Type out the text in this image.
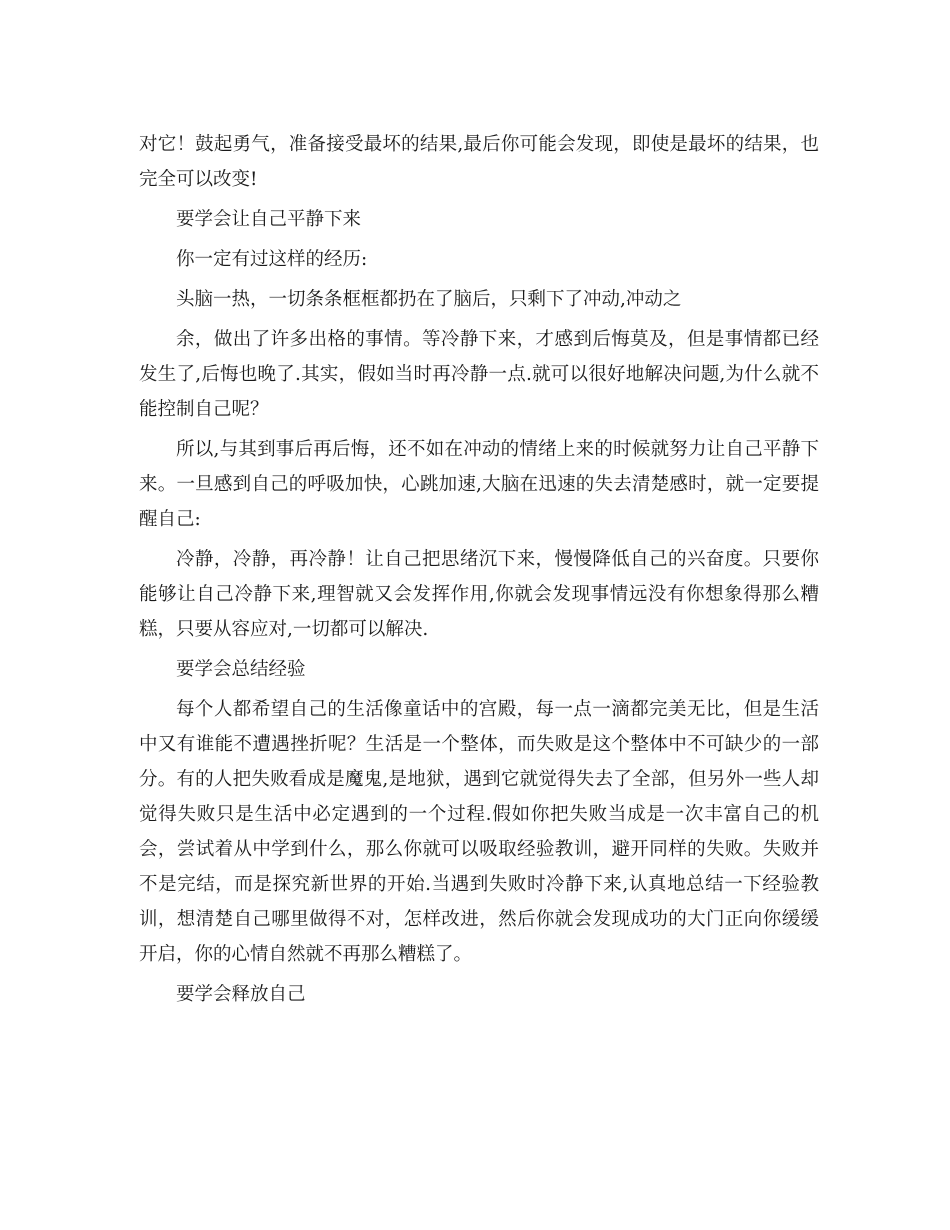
对它！鼓起勇气，准备接受最坏的结果,最后你可能会发现，即使是最坏的结果，也完全可以改变!

要学会让自己平静下来

你一定有过这样的经历:

头脑一热，一切条条框框都扔在了脑后，只剩下了冲动,冲动之

余，做出了许多出格的事情。等冷静下来，才感到后悔莫及，但是事情都已经发生了,后悔也晚了.其实，假如当时再冷静一点.就可以很好地解决问题,为什么就不能控制自己呢？

所以,与其到事后再后悔，还不如在冲动的情绪上来的时候就努力让自己平静下来。一旦感到自己的呼吸加快，心跳加速,大脑在迅速的失去清楚感时，就一定要提醒自己:

冷静，冷静，再冷静！让自己把思绪沉下来，慢慢降低自己的兴奋度。只要你能够让自己冷静下来,理智就又会发挥作用,你就会发现事情远没有你想象得那么糟糕，只要从容应对,一切都可以解决.

要学会总结经验

每个人都希望自己的生活像童话中的宫殿，每一点一滴都完美无比，但是生活中又有谁能不遭遇挫折呢？生活是一个整体，而失败是这个整体中不可缺少的一部分。有的人把失败看成是魔鬼,是地狱，遇到它就觉得失去了全部，但另外一些人却觉得失败只是生活中必定遇到的一个过程.假如你把失败当成是一次丰富自己的机会，尝试着从中学到什么，那么你就可以吸取经验教训，避开同样的失败。失败并不是完结，而是探究新世界的开始.当遇到失败时冷静下来,认真地总结一下经验教训，想清楚自己哪里做得不对，怎样改进，然后你就会发现成功的大门正向你缓缓开启，你的心情自然就不再那么糟糕了。

要学会释放自己
